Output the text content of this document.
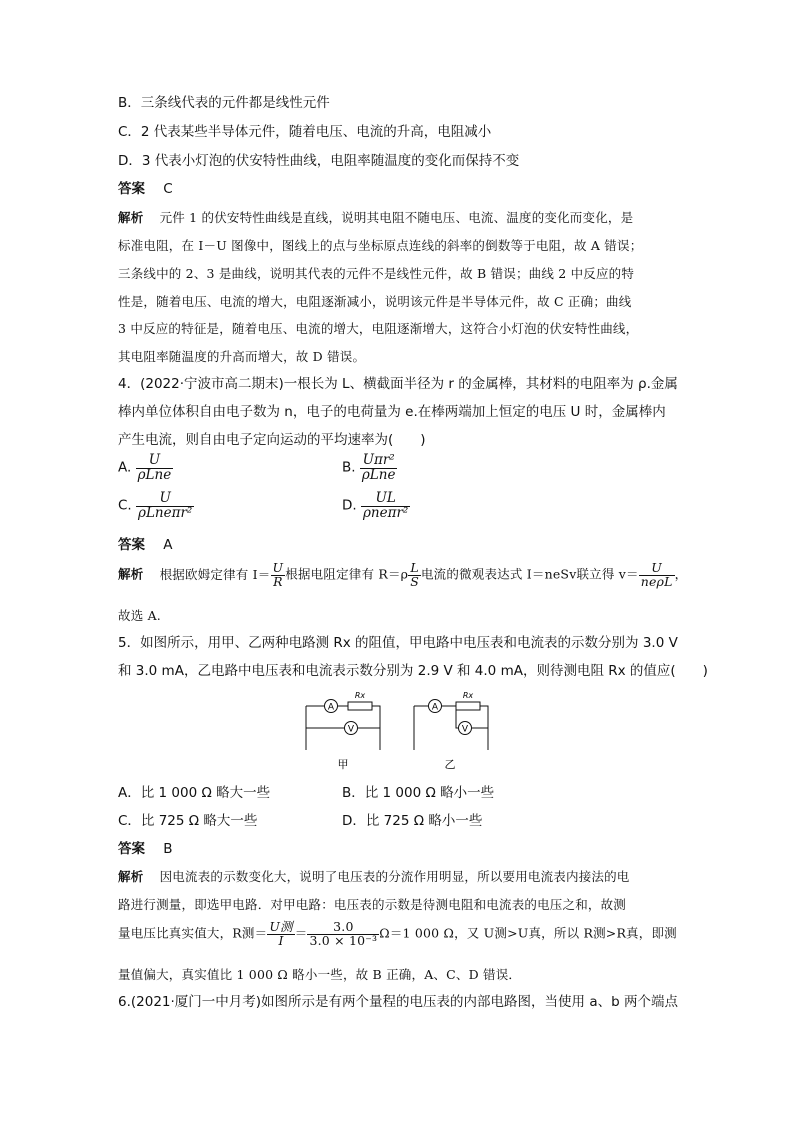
B．三条线代表的元件都是线性元件
C．2 代表某些半导体元件，随着电压、电流的升高，电阻减小
D．3 代表小灯泡的伏安特性曲线，电阻率随温度的变化而保持不变
答案 C
解析 元件 1 的伏安特性曲线是直线，说明其电阻不随电压、电流、温度的变化而变化，是
标准电阻，在 I－U 图像中，图线上的点与坐标原点连线的斜率的倒数等于电阻，故 A 错误；
三条线中的 2、3 是曲线，说明其代表的元件不是线性元件，故 B 错误；曲线 2 中反应的特
性是，随着电压、电流的增大，电阻逐渐减小，说明该元件是半导体元件，故 C 正确；曲线
3 中反应的特征是，随着电压、电流的增大，电阻逐渐增大，这符合小灯泡的伏安特性曲线，
其电阻率随温度的升高而增大，故 D 错误。
4．(2022·宁波市高二期末)一根长为 L、横截面半径为 r 的金属棒，其材料的电阻率为 ρ.金属
棒内单位体积自由电子数为 n，电子的电荷量为 e.在棒两端加上恒定的电压 U 时，金属棒内
产生电流，则自由电子定向运动的平均速率为(　　)
A. $\frac{U}{\text{ρLne}}$	B. $\frac{\text{Uπr²}}{\text{ρLne}}$
C. $\frac{U}{\text{ρLneπr²}}$	D. $\frac{UL}{\text{ρneπr²}}$
答案 A
解析 根据欧姆定律有 $I= \frac{U}{R}$ 根据电阻定律有 $R=\rho \frac{L}{S}$ 电流的微观表达式 I＝neSv联立得 $v= \frac{U}{\text{neρL}}$ ，
故选 A.
5．如图所示，用甲、乙两种电路测 Rx 的阻值，甲电路中电压表和电流表的示数分别为 3.0 V
和 3.0 mA，乙电路中电压表和电流表示数分别为 2.9 V 和 4.0 mA，则待测电阻 Rx 的值应(　　)
A
V
Rx
甲
A
V
Rx
乙
A．比 1 000 Ω 略大一些	B．比 1 000 Ω 略小一些
C．比 725 Ω 略大一些	D．比 725 Ω 略小一些
答案 B
解析 因电流表的示数变化大，说明了电压表的分流作用明显，所以要用电流表内接法的电
路进行测量，即选甲电路．对甲电路：电压表的示数是待测电阻和电流表的电压之和，故测
量电压比真实值大，R测＝ $\frac{\text{U测}}{I} = \frac{3.0}{\text{3.0 × 10⁻³}} \Omega=1$ 000 Ω，又 U测>U真，所以 R测>R真，即测
量值偏大，真实值比 1 000 Ω 略小一些，故 B 正确，A、C、D 错误．
6.(2021·厦门一中月考)如图所示是有两个量程的电压表的内部电路图，当使用 a、b 两个端点
